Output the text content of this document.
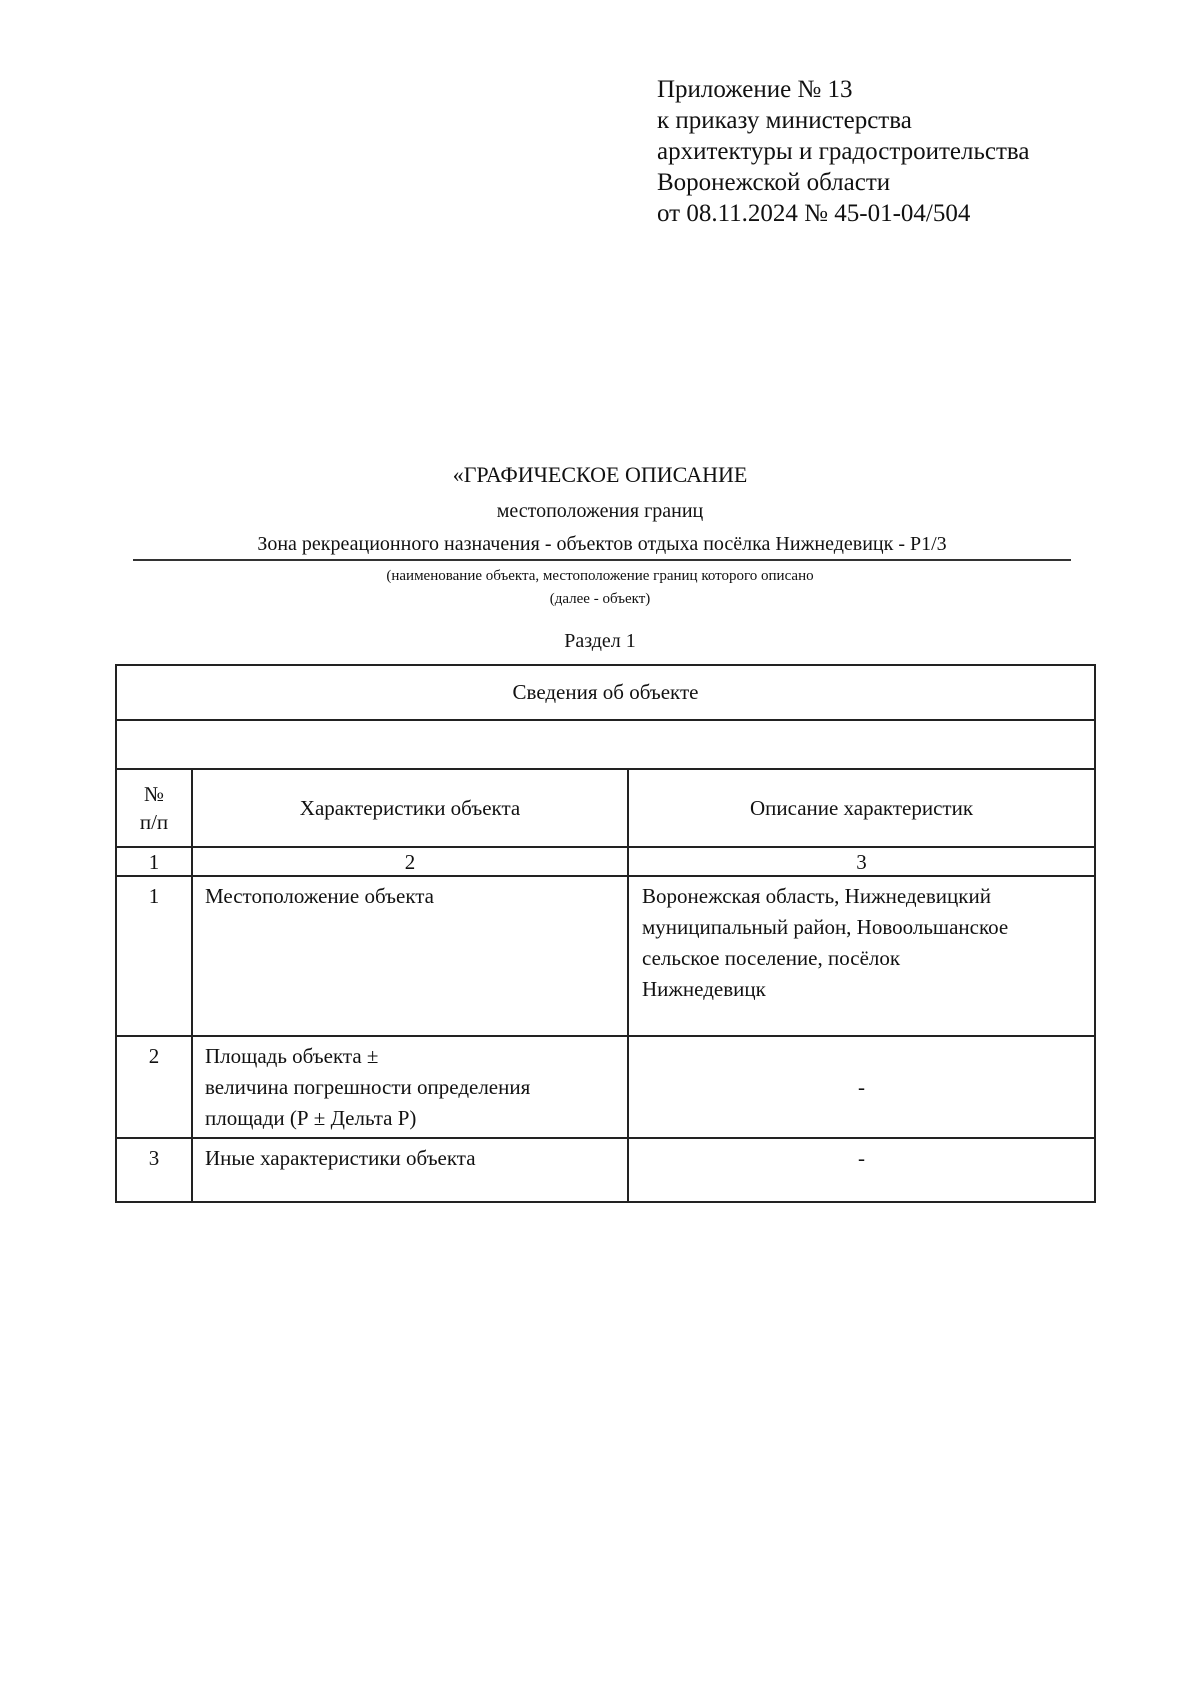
Приложение № 13
к приказу министерства
архитектуры и градостроительства
Воронежской области
от 08.11.2024 № 45-01-04/504
«ГРАФИЧЕСКОЕ ОПИСАНИЕ
местоположения границ
Зона рекреационного назначения - объектов отдыха посёлка Нижнедевицк - Р1/3
(наименование объекта, местоположение границ которого описано
(далее - объект)
Раздел 1
Сведения об объекте		

№
п/п	Характеристики объекта	Описание характеристик
1	2	3
1	Местоположение объекта	Воронежская область, Нижнедевицкий
муниципальный район, Новоольшанское
сельское поселение, посёлок
Нижнедевицк

2	Площадь объекта ±
величина погрешности определения
площади (Р ± Дельта Р)	-
3	Иные характеристики объекта	-
